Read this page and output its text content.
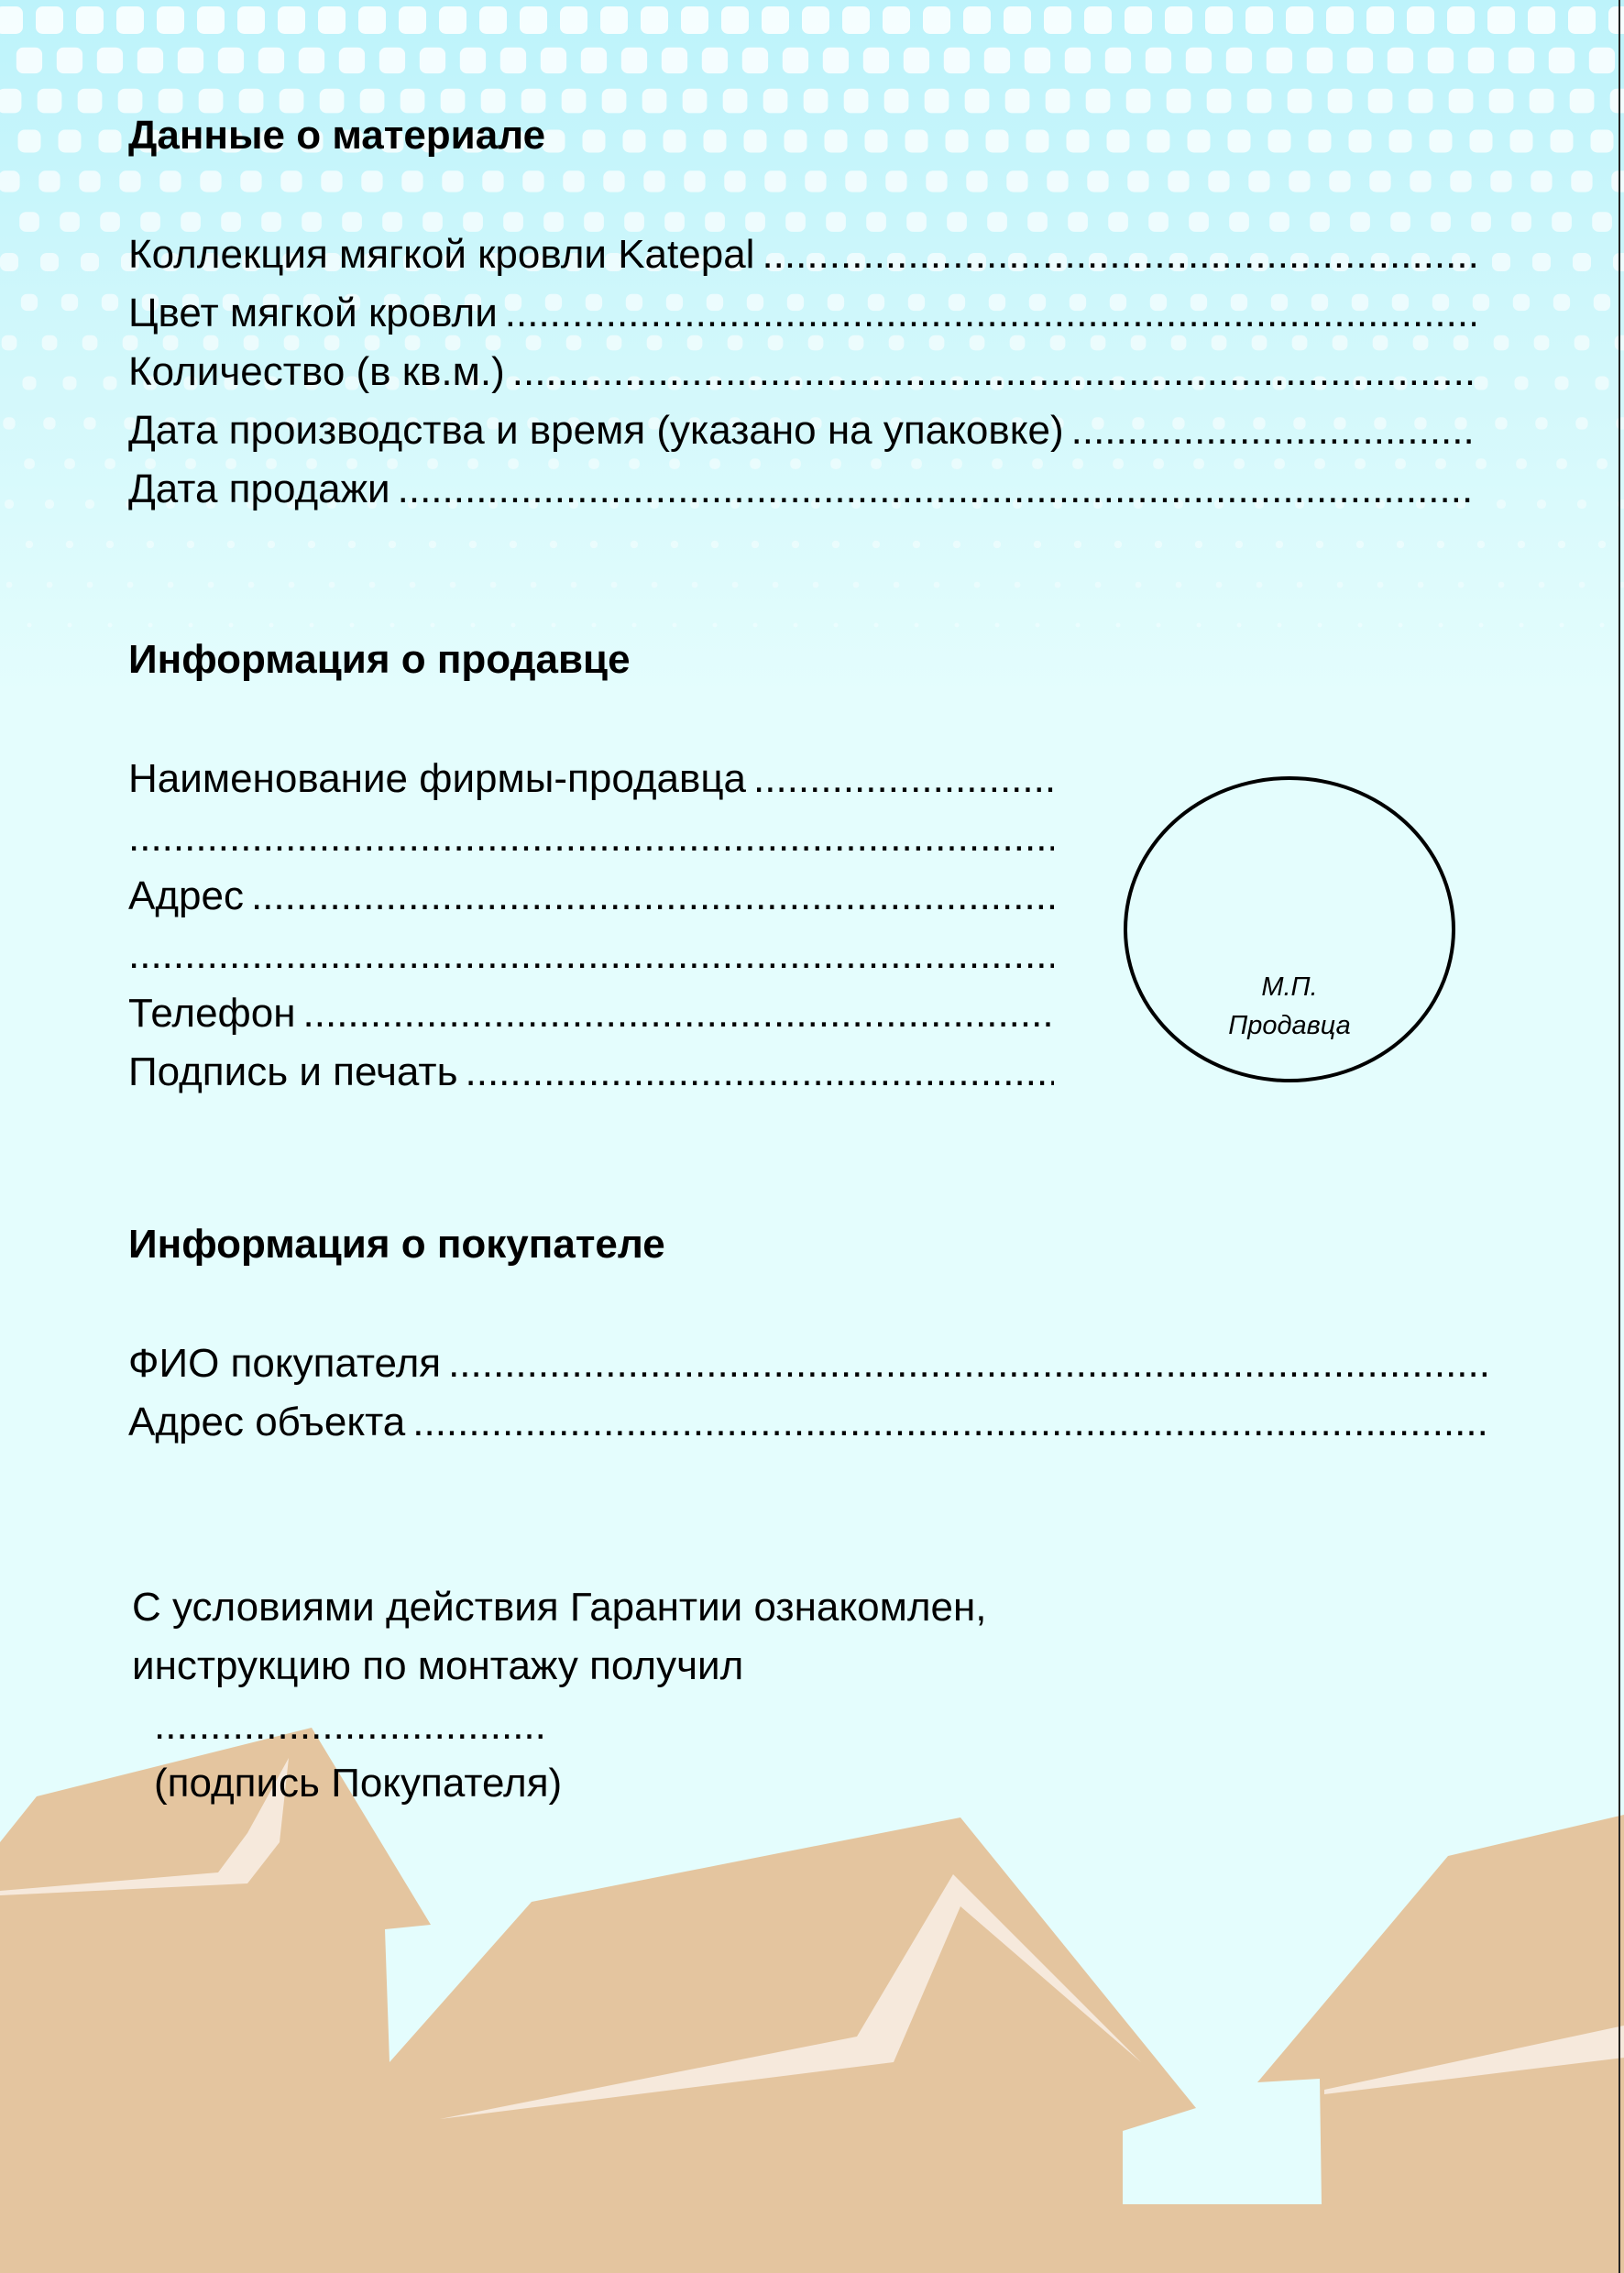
Данные о материале
Коллекция мягкой кровли Katepal
.....
Цвет мягкой кровли
.....
Количество (в кв.м.)
.....
Дата производства и время (указано на упаковке)
.....
Дата продажи
.....
Информация о продавце
Наименование фирмы-продавца
.....
.....
Адрес
.....
.....
Телефон
.....
Подпись и печать
.....

М.П.
Продавца

Информация о покупателе
ФИО покупателя
.....
Адрес объекта
.....

С условиями действия Гарантии ознакомлен,
инструкцию по монтажу получил

...................................

(подпись Покупателя)
